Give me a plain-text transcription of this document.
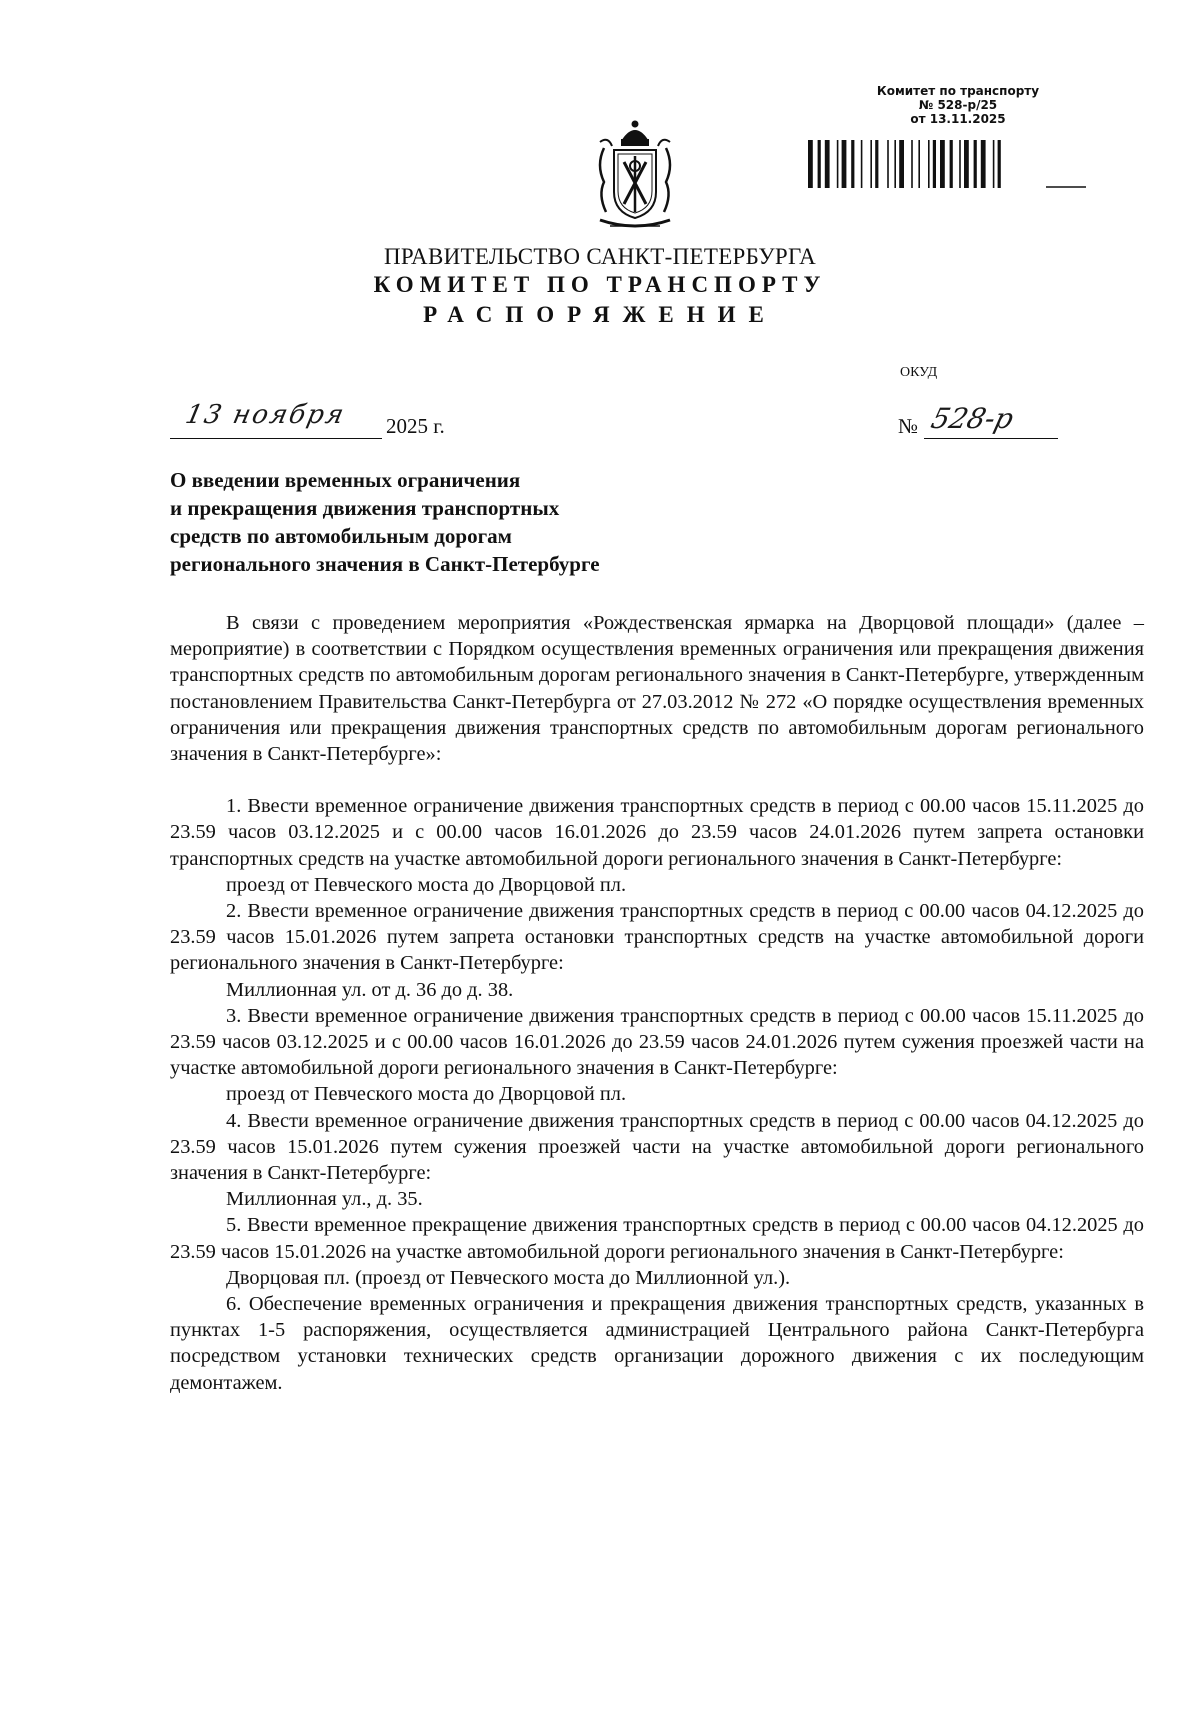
Комитет по транспорту
№ 528-р/25
от 13.11.2025
ПРАВИТЕЛЬСТВО САНКТ-ПЕТЕРБУРГА
КОМИТЕТ ПО ТРАНСПОРТУ
РАСПОРЯЖЕНИЕ
ОКУД
13 ноября 2025 г.	№ 528-р
О введении временных ограничения
и прекращения движения транспортных
средств по автомобильным дорогам
регионального значения в Санкт-Петербурге

В связи с проведением мероприятия «Рождественская ярмарка на Дворцовой площади» (далее – мероприятие) в соответствии с Порядком осуществления временных ограничения или прекращения движения транспортных средств по автомобильным дорогам регионального значения в Санкт-Петербурге, утвержденным постановлением Правительства Санкт-Петербурга от 27.03.2012 № 272 «О порядке осуществления временных ограничения или прекращения движения транспортных средств по автомобильным дорогам регионального значения в Санкт-Петербурге»:

1. Ввести временное ограничение движения транспортных средств в период с 00.00 часов 15.11.2025 до 23.59 часов 03.12.2025 и с 00.00 часов 16.01.2026 до 23.59 часов 24.01.2026 путем запрета остановки транспортных средств на участке автомобильной дороги регионального значения в Санкт-Петербурге:

проезд от Певческого моста до Дворцовой пл.

2. Ввести временное ограничение движения транспортных средств в период с 00.00 часов 04.12.2025 до 23.59 часов 15.01.2026 путем запрета остановки транспортных средств на участке автомобильной дороги регионального значения в Санкт-Петербурге:

Миллионная ул. от д. 36 до д. 38.

3. Ввести временное ограничение движения транспортных средств в период с 00.00 часов 15.11.2025 до 23.59 часов 03.12.2025 и с 00.00 часов 16.01.2026 до 23.59 часов 24.01.2026 путем сужения проезжей части на участке автомобильной дороги регионального значения в Санкт-Петербурге:

проезд от Певческого моста до Дворцовой пл.

4. Ввести временное ограничение движения транспортных средств в период с 00.00 часов 04.12.2025 до 23.59 часов 15.01.2026 путем сужения проезжей части на участке автомобильной дороги регионального значения в Санкт-Петербурге:

Миллионная ул., д. 35.

5. Ввести временное прекращение движения транспортных средств в период с 00.00 часов 04.12.2025 до 23.59 часов 15.01.2026 на участке автомобильной дороги регионального значения в Санкт-Петербурге:

Дворцовая пл. (проезд от Певческого моста до Миллионной ул.).

6. Обеспечение временных ограничения и прекращения движения транспортных средств, указанных в пунктах 1-5 распоряжения, осуществляется администрацией Центрального района Санкт-Петербурга посредством установки технических средств организации дорожного движения с их последующим демонтажем.
